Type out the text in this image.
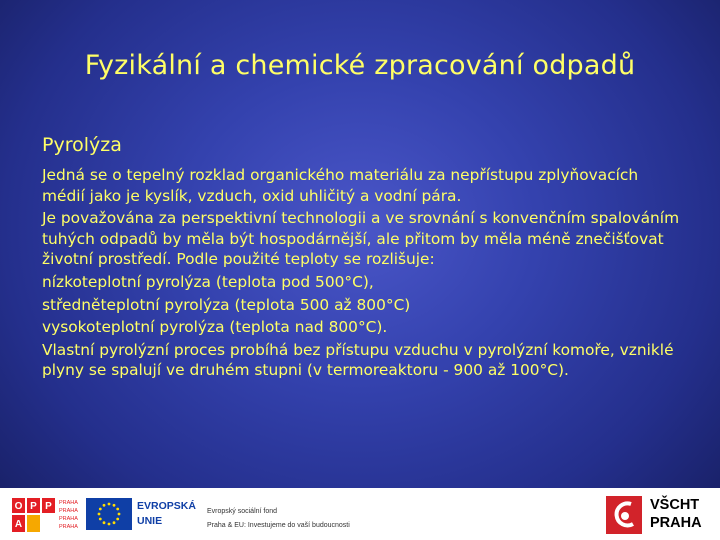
Fyzikální a chemické zpracování odpadů
Pyrolýza

Jedná se o tepelný rozklad organického materiálu za nepřístupu zplyňovacích médií jako je kyslík, vzduch, oxid uhličitý a vodní pára.

Je považována za perspektivní technologii a ve srovnání s konvenčním spalováním tuhých odpadů by měla být hospodárnější, ale přitom by měla méně znečišťovat životní prostředí. Podle použité teploty se rozlišuje:

nízkoteplotní pyrolýza (teplota pod 500°C),

středněteplotní pyrolýza (teplota 500 až 800°C)

vysokoteplotní pyrolýza (teplota nad 800°C).

Vlastní pyrolýzní proces probíhá bez přístupu vzduchu v pyrolýzní komoře, vzniklé plyny se spalují ve druhém stupni (v termoreaktoru - 900 až 100°C).

O P P
A
PRAHA
PRAHA
PRAHA
PRAHA
EVROPSKÁ
UNIE
Evropský sociální fond
Praha & EU: Investujeme do vaší budoucnosti
VŠCHT
PRAHA
